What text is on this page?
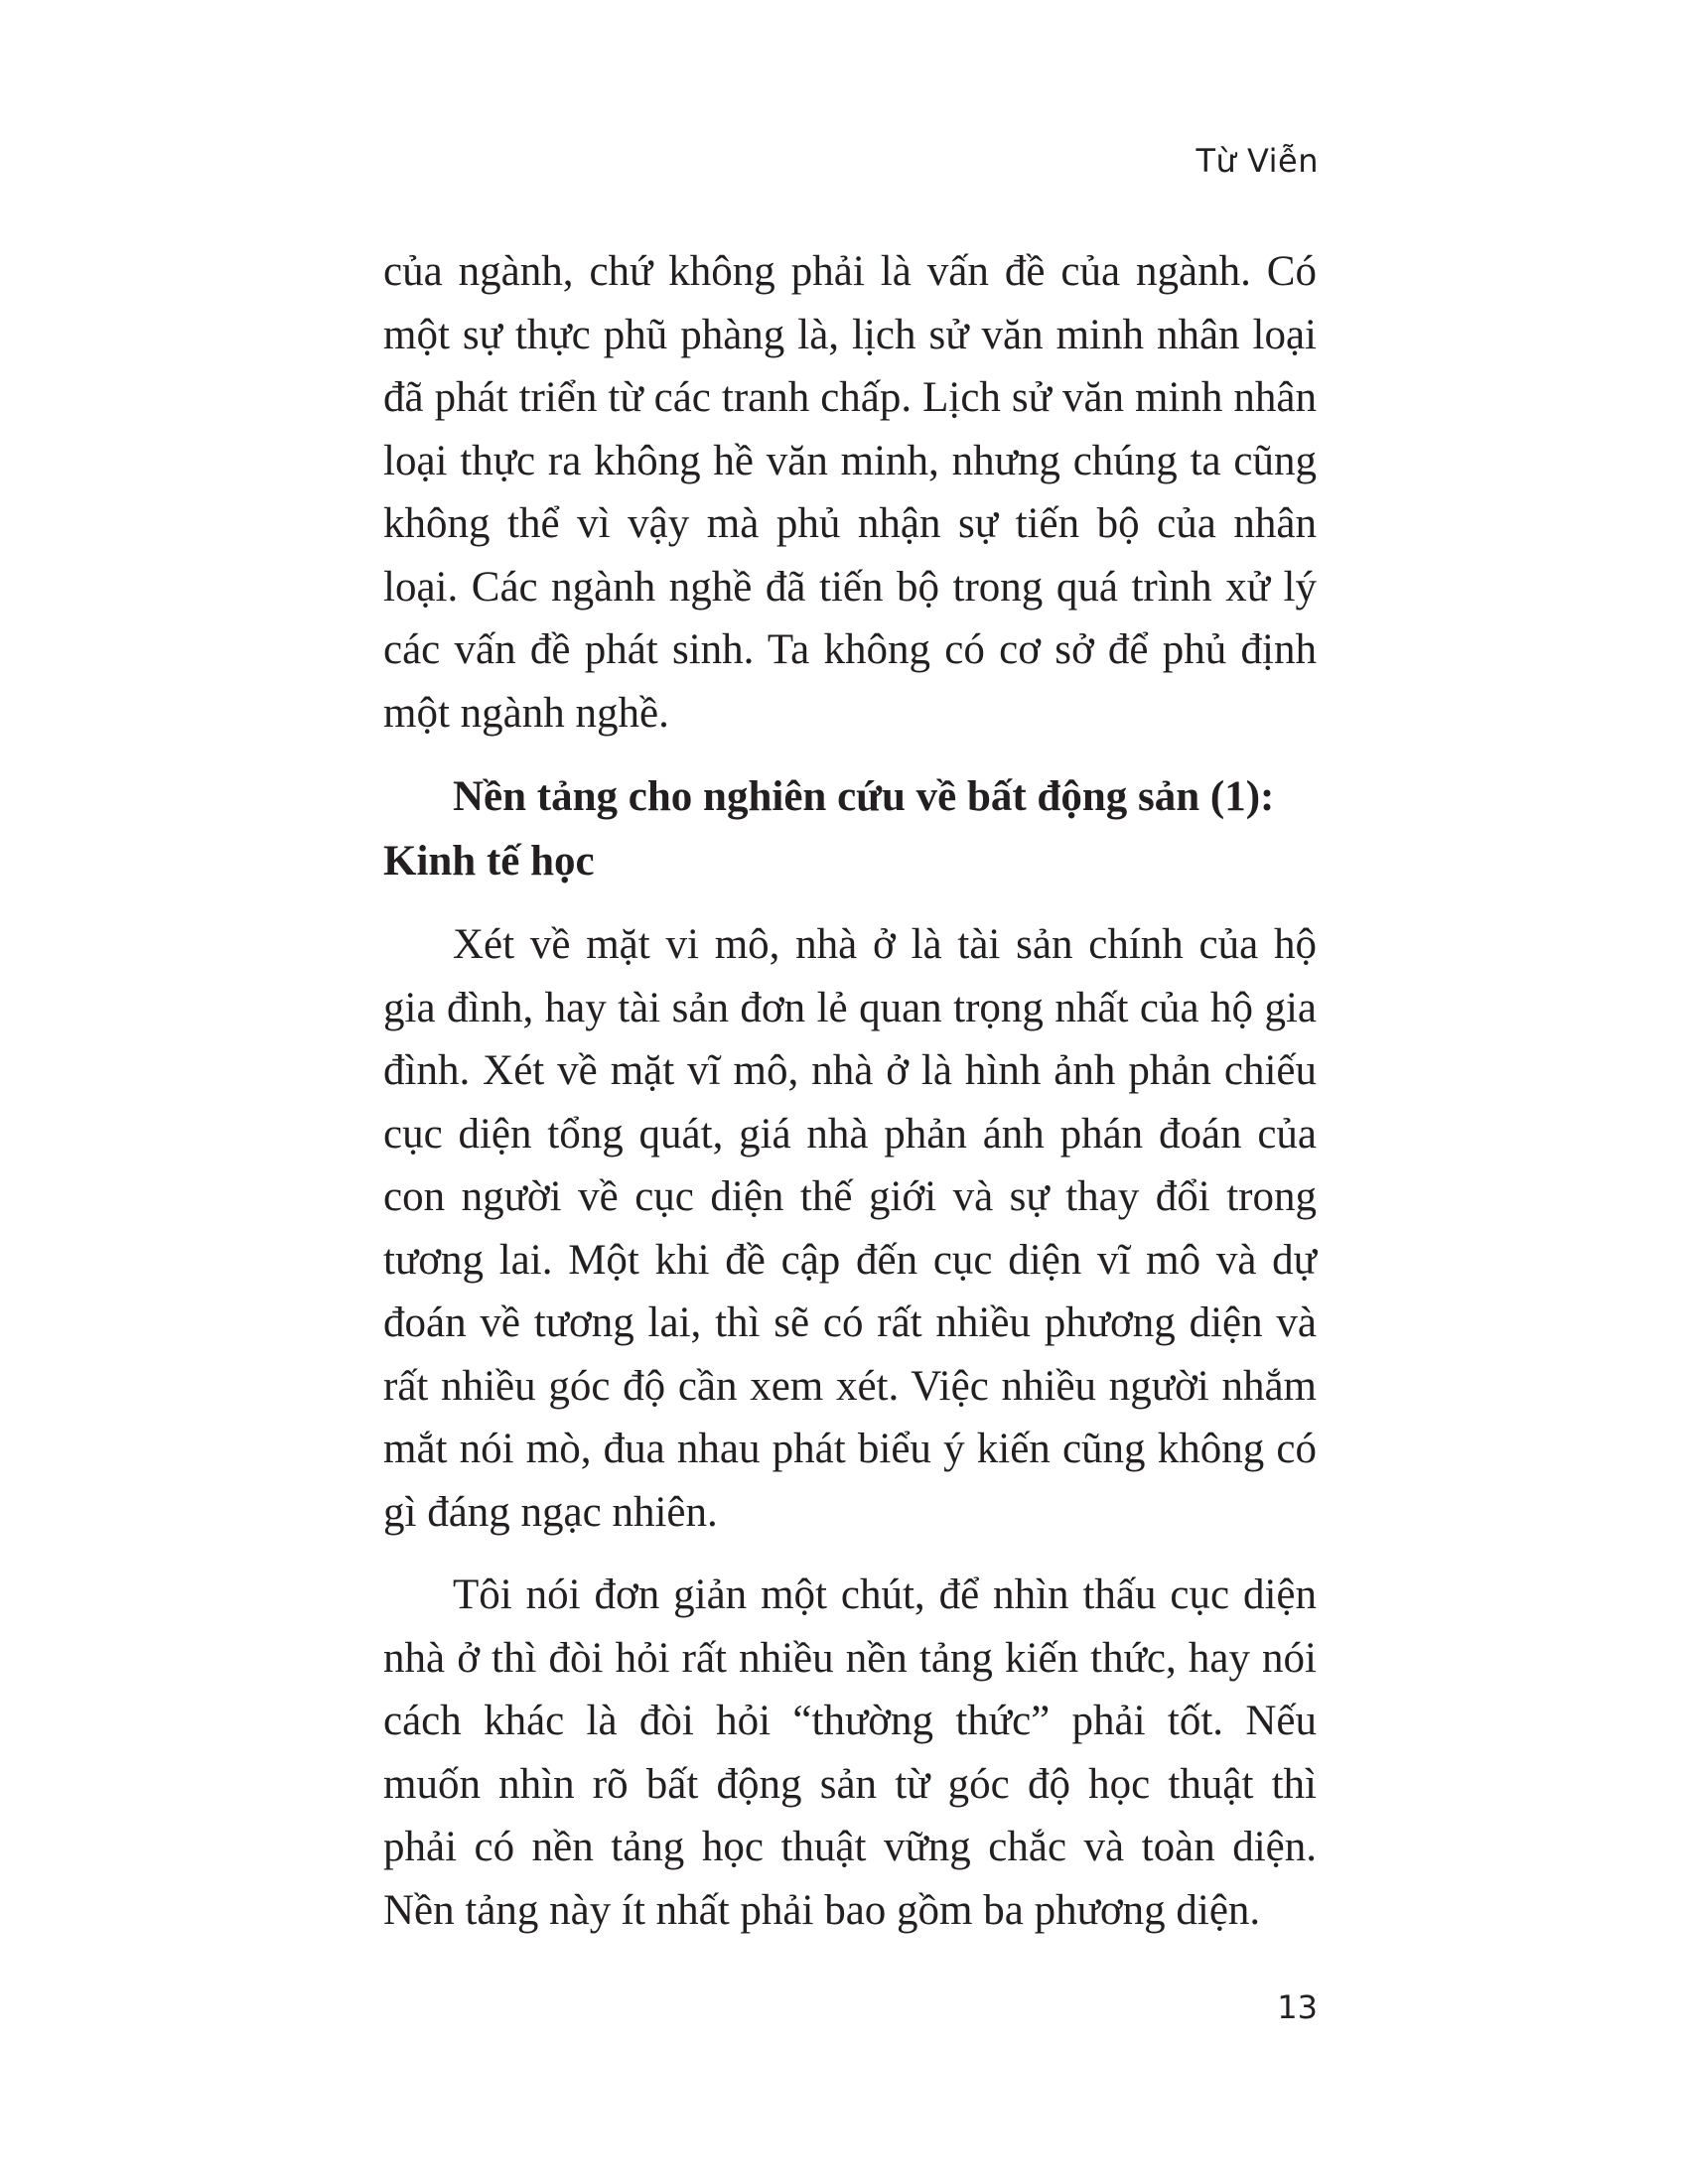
Từ Viễn

của ngành, chứ không phải là vấn đề của ngành. Có một sự thực phũ phàng là, lịch sử văn minh nhân loại đã phát triển từ các tranh chấp. Lịch sử văn minh nhân loại thực ra không hề văn minh, nhưng chúng ta cũng không thể vì vậy mà phủ nhận sự tiến bộ của nhân loại. Các ngành nghề đã tiến bộ trong quá trình xử lý các vấn đề phát sinh. Ta không có cơ sở để phủ định một ngành nghề.

Nền tảng cho nghiên cứu về bất động sản (1): Kinh tế học

Xét về mặt vi mô, nhà ở là tài sản chính của hộ gia đình, hay tài sản đơn lẻ quan trọng nhất của hộ gia đình. Xét về mặt vĩ mô, nhà ở là hình ảnh phản chiếu cục diện tổng quát, giá nhà phản ánh phán đoán của con người về cục diện thế giới và sự thay đổi trong tương lai. Một khi đề cập đến cục diện vĩ mô và dự đoán về tương lai, thì sẽ có rất nhiều phương diện và rất nhiều góc độ cần xem xét. Việc nhiều người nhắm mắt nói mò, đua nhau phát biểu ý kiến cũng không có gì đáng ngạc nhiên.

Tôi nói đơn giản một chút, để nhìn thấu cục diện nhà ở thì đòi hỏi rất nhiều nền tảng kiến thức, hay nói cách khác là đòi hỏi “thường thức” phải tốt. Nếu muốn nhìn rõ bất động sản từ góc độ học thuật thì phải có nền tảng học thuật vững chắc và toàn diện. Nền tảng này ít nhất phải bao gồm ba phương diện.

13
